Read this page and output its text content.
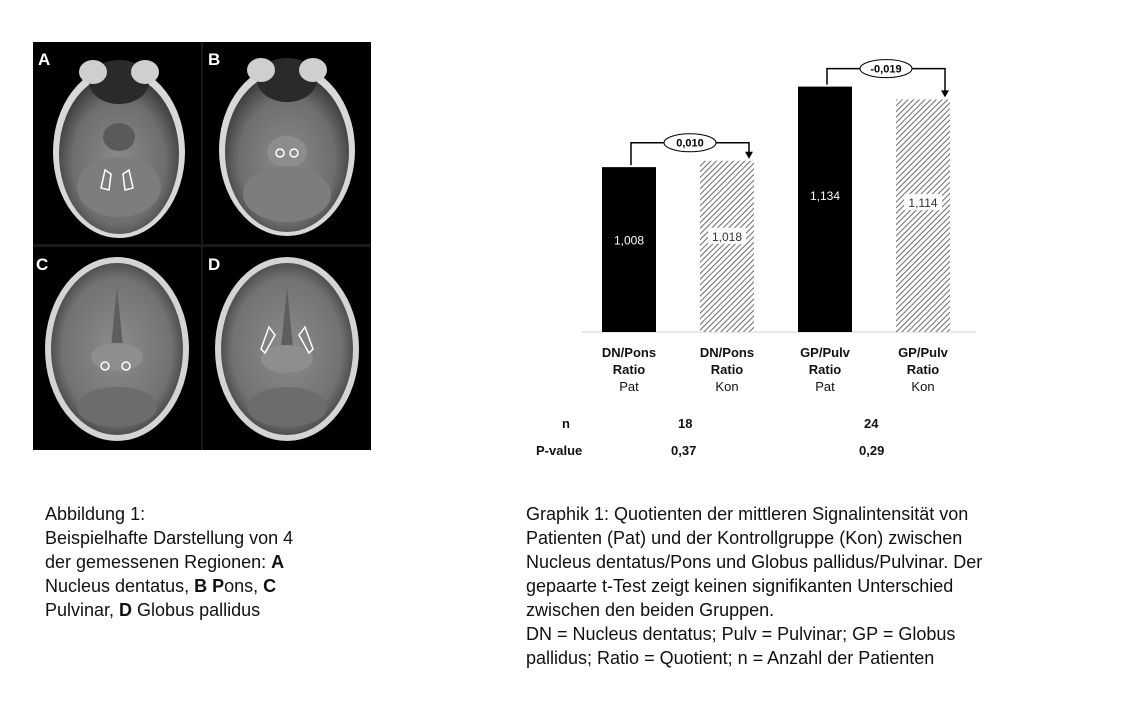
A	B
C	D
1,008	1,018
1,134
1,114
0,010
-0,019
DN/Pons
Ratio
Pat
DN/Pons
Ratio
Kon
GP/Pulv
Ratio
Pat
GP/Pulv
Ratio
Kon
n	18	24
P-value	0,37	0,29
Abbildung 1:
Beispielhafte Darstellung von 4
der gemessenen Regionen: A
Nucleus dentatus, B Pons, C
Pulvinar, D Globus pallidus
Graphik 1: Quotienten der mittleren Signalintensität von
Patienten (Pat) und der Kontrollgruppe (Kon) zwischen
Nucleus dentatus/Pons und Globus pallidus/Pulvinar. Der
gepaarte t-Test zeigt keinen signifikanten Unterschied
zwischen den beiden Gruppen.
DN = Nucleus dentatus; Pulv = Pulvinar; GP = Globus
pallidus; Ratio = Quotient; n = Anzahl der Patienten
